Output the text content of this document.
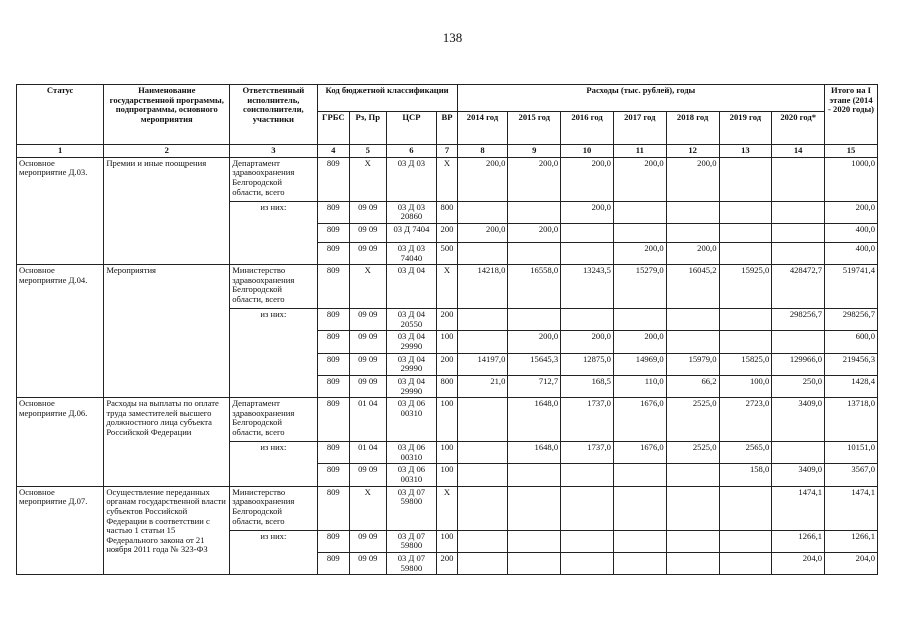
138
Статус	Наименование государственной программы, подпрограммы, основного мероприятия	Ответственный исполнитель, соисполнители, участники	Код бюджетной классификации				Расходы (тыс. рублей), годы							Итого на I этапе (2014 - 2020 годы)
			ГРБС	Рз, Пр	ЦСР	ВР	2014 год	2015 год	2016 год	2017 год	2018 год	2019 год	2020 год*	
1	2	3	4	5	6	7	8	9	10	11	12	13	14	15
Основное мероприятие Д.03.	Премии и иные поощрения	Департамент здравоохранения Белгородской области, всего	809	Х	03 Д 03	Х	200,0	200,0	200,0	200,0	200,0			1000,0
		из них:	809	09 09	03 Д 03 20860	800			200,0					200,0
			809	09 09	03 Д 7404	200	200,0	200,0						400,0
			809	09 09	03 Д 03 74040	500				200,0	200,0			400,0
Основное мероприятие Д.04.	Мероприятия	Министерство здравоохранения Белгородской области, всего	809	Х	03 Д 04	Х	14218,0	16558,0	13243,5	15279,0	16045,2	15925,0	428472,7	519741,4
		из них:	809	09 09	03 Д 04 20550	200							298256,7	298256,7
			809	09 09	03 Д 04 29990	100		200,0	200,0	200,0				600,0
			809	09 09	03 Д 04 29990	200	14197,0	15645,3	12875,0	14969,0	15979,0	15825,0	129966,0	219456,3
			809	09 09	03 Д 04 29990	800	21,0	712,7	168,5	110,0	66,2	100,0	250,0	1428,4
Основное мероприятие Д.06.	Расходы на выплаты по оплате труда заместителей высшего должностного лица субъекта Российской Федерации	Департамент здравоохранения Белгородской области, всего	809	01 04	03 Д 06 00310	100		1648,0	1737,0	1676,0	2525,0	2723,0	3409,0	13718,0
		из них:	809	01 04	03 Д 06 00310	100		1648,0	1737,0	1676,0	2525,0	2565,0		10151,0
			809	09 09	03 Д 06 00310	100						158,0	3409,0	3567,0
Основное мероприятие Д.07.	Осуществление переданных органам государственной власти субъектов Российской Федерации в соответствии с частью 1 статьи 15 Федерального закона от 21 ноября 2011 года № 323-ФЗ	Министерство здравоохранения Белгородской области, всего	809	Х	03 Д 07 59800	Х							1474,1	1474,1
		из них:	809	09 09	03 Д 07 59800	100							1266,1	1266,1
			809	09 09	03 Д 07 59800	200							204,0	204,0
